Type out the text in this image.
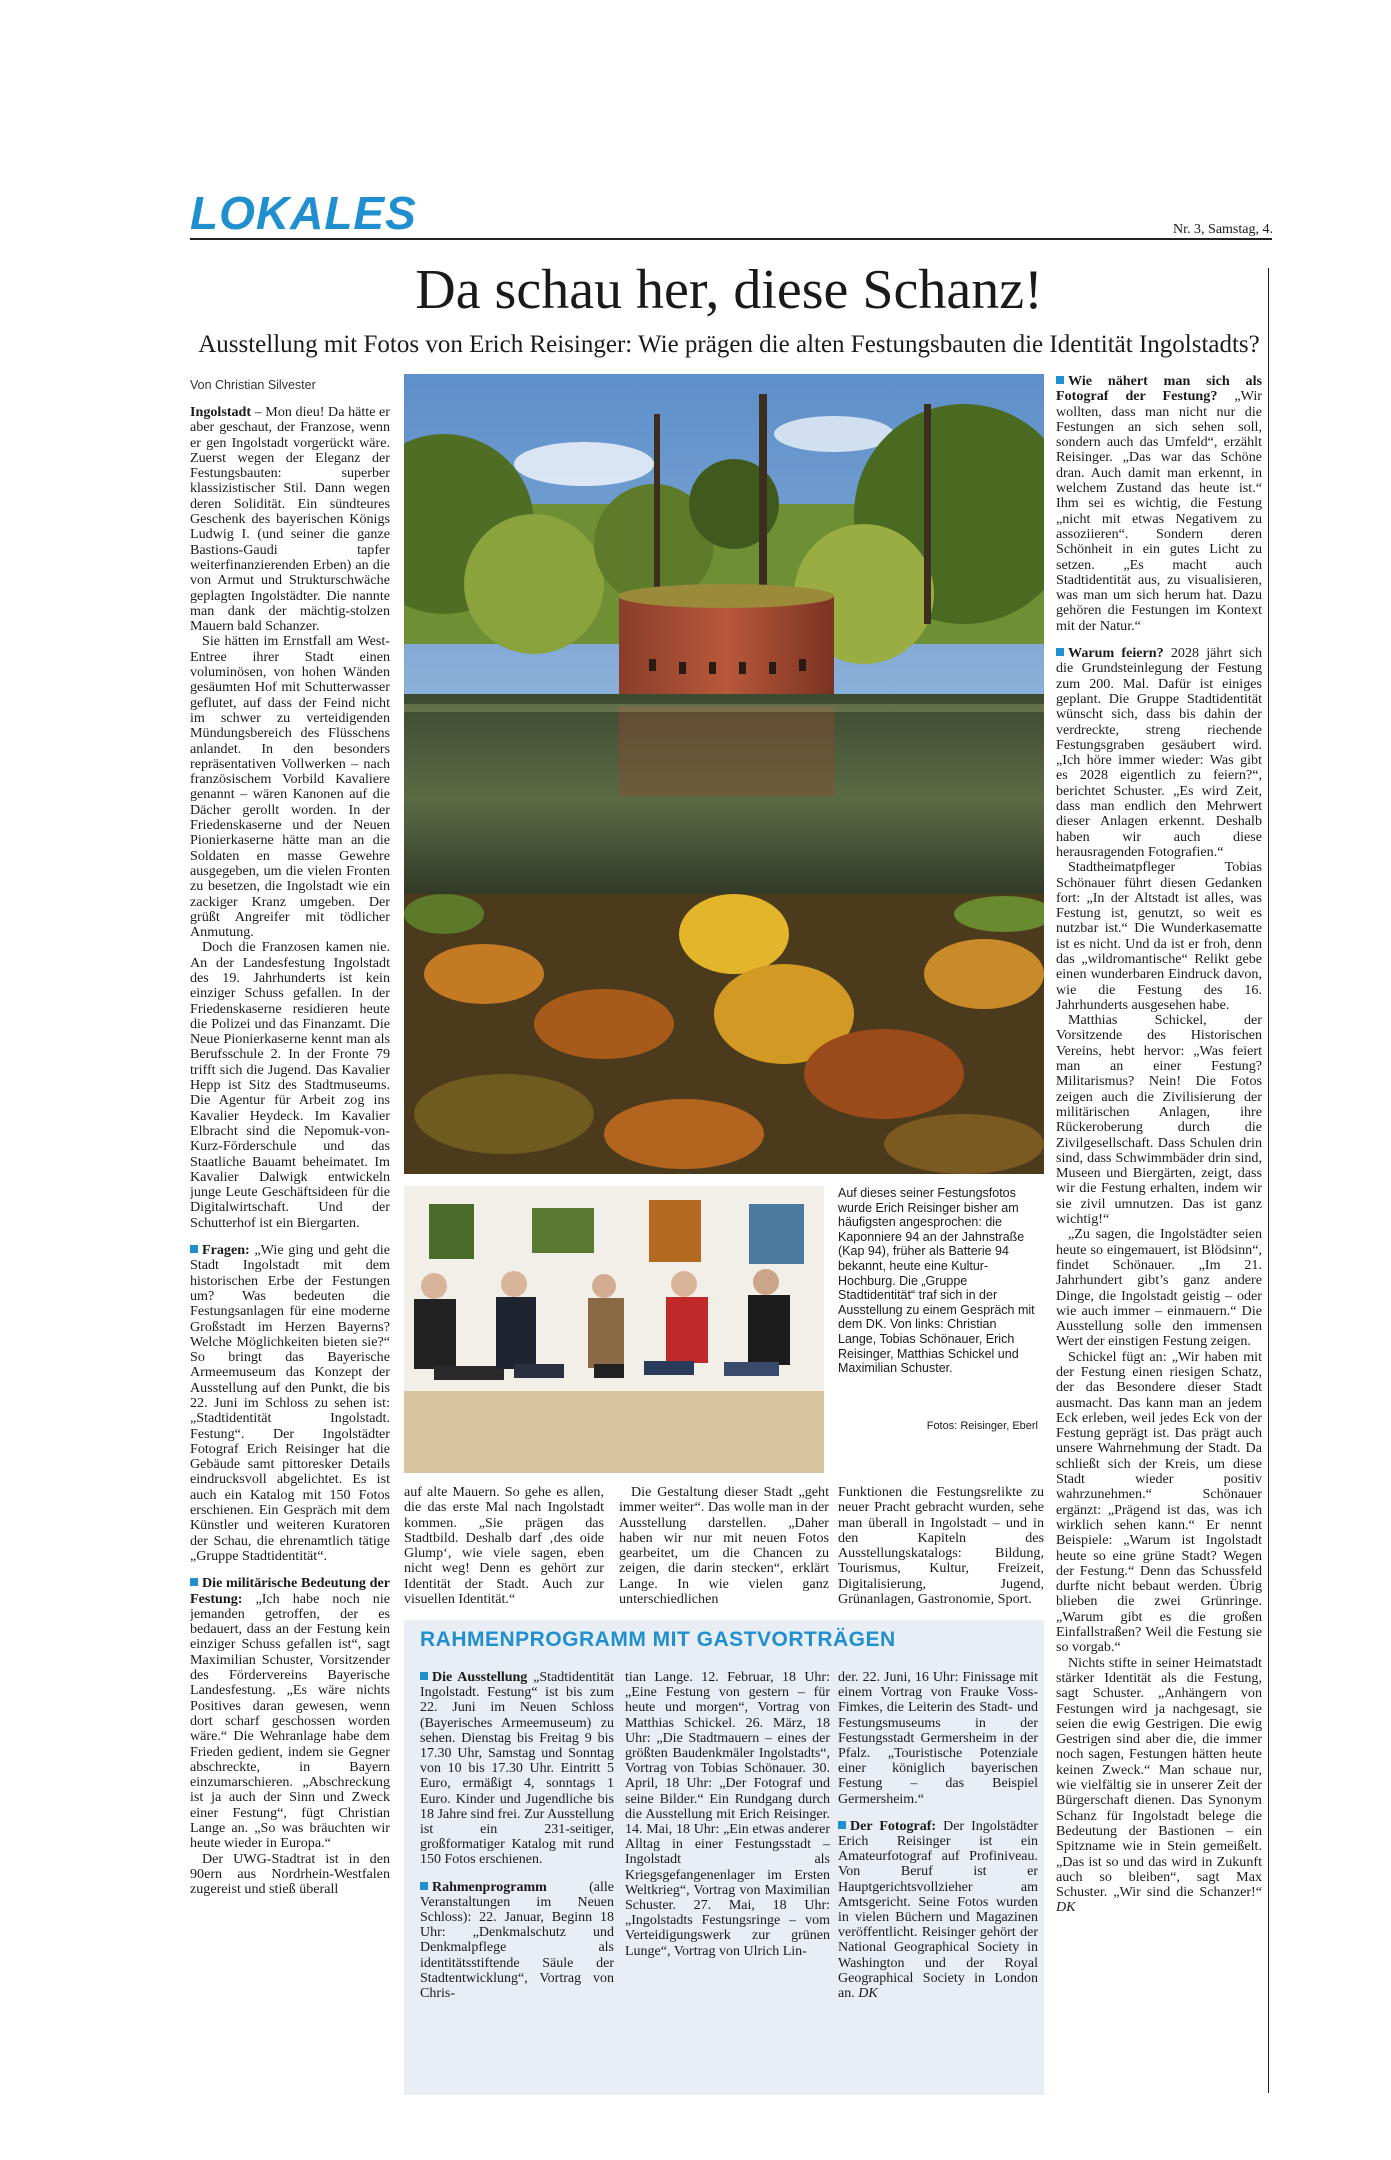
LOKALES	Nr. 3, Samstag, 4.
Da schau her, diese Schanz!
Ausstellung mit Fotos von Erich Reisinger: Wie prägen die alten Festungsbauten die Identität Ingolstadts?
Von Christian Silvester

Ingolstadt – Mon dieu! Da hätte er aber geschaut, der Franzose, wenn er gen Ingolstadt vorgerückt wäre. Zuerst wegen der Eleganz der Festungsbauten: superber klassizistischer Stil. Dann wegen deren Solidität. Ein sündteures Geschenk des bayerischen Königs Ludwig I. (und seiner die ganze Bastions-Gaudi tapfer weiterfinanzierenden Erben) an die von Armut und Strukturschwäche geplagten Ingolstädter. Die nannte man dank der mächtig-stolzen Mauern bald Schanzer.

Sie hätten im Ernstfall am West-Entree ihrer Stadt einen voluminösen, von hohen Wänden gesäumten Hof mit Schutterwasser geflutet, auf dass der Feind nicht im schwer zu verteidigenden Mündungsbereich des Flüsschens anlandet. In den besonders repräsentativen Vollwerken – nach französischem Vorbild Kavaliere genannt – wären Kanonen auf die Dächer gerollt worden. In der Friedenskaserne und der Neuen Pionierkaserne hätte man an die Soldaten en masse Gewehre ausgegeben, um die vielen Fronten zu besetzen, die Ingolstadt wie ein zackiger Kranz umgeben. Der grüßt Angreifer mit tödlicher Anmutung.

Doch die Franzosen kamen nie. An der Landesfestung Ingolstadt des 19. Jahrhunderts ist kein einziger Schuss gefallen. In der Friedenskaserne residieren heute die Polizei und das Finanzamt. Die Neue Pionierkaserne kennt man als Berufsschule 2. In der Fronte 79 trifft sich die Jugend. Das Kavalier Hepp ist Sitz des Stadtmuseums. Die Agentur für Arbeit zog ins Kavalier Heydeck. Im Kavalier Elbracht sind die Nepomuk-von-Kurz-Förderschule und das Staatliche Bauamt beheimatet. Im Kavalier Dalwigk entwickeln junge Leute Geschäftsideen für die Digitalwirtschaft. Und der Schutterhof ist ein Biergarten.

Fragen: „Wie ging und geht die Stadt Ingolstadt mit dem historischen Erbe der Festungen um? Was bedeuten die Festungsanlagen für eine moderne Großstadt im Herzen Bayerns? Welche Möglichkeiten bieten sie?“ So bringt das Bayerische Armeemuseum das Konzept der Ausstellung auf den Punkt, die bis 22. Juni im Schloss zu sehen ist: „Stadtidentität Ingolstadt. Festung“. Der Ingolstädter Fotograf Erich Reisinger hat die Gebäude samt pittoresker Details eindrucksvoll abgelichtet. Es ist auch ein Katalog mit 150 Fotos erschienen. Ein Gespräch mit dem Künstler und weiteren Kuratoren der Schau, die ehrenamtlich tätige „Gruppe Stadtidentität“.

Die militärische Bedeutung der Festung: „Ich habe noch nie jemanden getroffen, der es bedauert, dass an der Festung kein einziger Schuss gefallen ist“, sagt Maximilian Schuster, Vorsitzender des Fördervereins Bayerische Landesfestung. „Es wäre nichts Positives daran gewesen, wenn dort scharf geschossen worden wäre.“ Die Wehranlage habe dem Frieden gedient, indem sie Gegner abschreckte, in Bayern einzumarschieren. „Abschreckung ist ja auch der Sinn und Zweck einer Festung“, fügt Christian Lange an. „So was bräuchten wir heute wieder in Europa.“

Der UWG-Stadtrat ist in den 90ern aus Nordrhein-Westfalen zugereist und stieß überall

Auf dieses seiner Festungsfotos wurde Erich Reisinger bisher am häufigsten angesprochen: die Kaponniere 94 an der Jahnstraße (Kap 94), früher als Batterie 94 bekannt, heute eine Kultur-Hochburg. Die „Gruppe Stadtidentität“ traf sich in der Ausstellung zu einem Gespräch mit dem DK. Von links: Christian Lange, Tobias Schönauer, Erich Reisinger, Matthias Schickel und Maximilian Schuster.
Fotos: Reisinger, Eberl

auf alte Mauern. So gehe es allen, die das erste Mal nach Ingolstadt kommen. „Sie prägen das Stadtbild. Deshalb darf ‚des oide Glump‘, wie viele sagen, eben nicht weg! Denn es gehört zur Identität der Stadt. Auch zur visuellen Identität.“

Die Gestaltung dieser Stadt „geht immer weiter“. Das wolle man in der Ausstellung darstellen. „Daher haben wir nur mit neuen Fotos gearbeitet, um die Chancen zu zeigen, die darin stecken“, erklärt Lange. In wie vielen ganz unterschiedlichen

Funktionen die Festungsrelikte zu neuer Pracht gebracht wurden, sehe man überall in Ingolstadt – und in den Kapiteln des Ausstellungskatalogs: Bildung, Tourismus, Kultur, Freizeit, Digitalisierung, Jugend, Grünanlagen, Gastronomie, Sport.

Wie nähert man sich als Fotograf der Festung? „Wir wollten, dass man nicht nur die Festungen an sich sehen soll, sondern auch das Umfeld“, erzählt Reisinger. „Das war das Schöne dran. Auch damit man erkennt, in welchem Zustand das heute ist.“ Ihm sei es wichtig, die Festung „nicht mit etwas Negativem zu assoziieren“. Sondern deren Schönheit in ein gutes Licht zu setzen. „Es macht auch Stadtidentität aus, zu visualisieren, was man um sich herum hat. Dazu gehören die Festungen im Kontext mit der Natur.“

Warum feiern? 2028 jährt sich die Grundsteinlegung der Festung zum 200. Mal. Dafür ist einiges geplant. Die Gruppe Stadtidentität wünscht sich, dass bis dahin der verdreckte, streng riechende Festungsgraben gesäubert wird. „Ich höre immer wieder: Was gibt es 2028 eigentlich zu feiern?“, berichtet Schuster. „Es wird Zeit, dass man endlich den Mehrwert dieser Anlagen erkennt. Deshalb haben wir auch diese herausragenden Fotografien.“

Stadtheimatpfleger Tobias Schönauer führt diesen Gedanken fort: „In der Altstadt ist alles, was Festung ist, genutzt, so weit es nutzbar ist.“ Die Wunderkasematte ist es nicht. Und da ist er froh, denn das „wildromantische“ Relikt gebe einen wunderbaren Eindruck davon, wie die Festung des 16. Jahrhunderts ausgesehen habe.

Matthias Schickel, der Vorsitzende des Historischen Vereins, hebt hervor: „Was feiert man an einer Festung? Militarismus? Nein! Die Fotos zeigen auch die Zivilisierung der militärischen Anlagen, ihre Rückeroberung durch die Zivilgesellschaft. Dass Schulen drin sind, dass Schwimmbäder drin sind, Museen und Biergärten, zeigt, dass wir die Festung erhalten, indem wir sie zivil umnutzen. Das ist ganz wichtig!“

„Zu sagen, die Ingolstädter seien heute so eingemauert, ist Blödsinn“, findet Schönauer. „Im 21. Jahrhundert gibt’s ganz andere Dinge, die Ingolstadt geistig – oder wie auch immer – einmauern.“ Die Ausstellung solle den immensen Wert der einstigen Festung zeigen.

Schickel fügt an: „Wir haben mit der Festung einen riesigen Schatz, der das Besondere dieser Stadt ausmacht. Das kann man an jedem Eck erleben, weil jedes Eck von der Festung geprägt ist. Das prägt auch unsere Wahrnehmung der Stadt. Da schließt sich der Kreis, um diese Stadt wieder positiv wahrzunehmen.“ Schönauer ergänzt: „Prägend ist das, was ich wirklich sehen kann.“ Er nennt Beispiele: „Warum ist Ingolstadt heute so eine grüne Stadt? Wegen der Festung.“ Denn das Schussfeld durfte nicht bebaut werden. Übrig blieben die zwei Grünringe. „Warum gibt es die großen Einfallstraßen? Weil die Festung sie so vorgab.“

Nichts stifte in seiner Heimatstadt stärker Identität als die Festung, sagt Schuster. „Anhängern von Festungen wird ja nachgesagt, sie seien die ewig Gestrigen. Die ewig Gestrigen sind aber die, die immer noch sagen, Festungen hätten heute keinen Zweck.“ Man schaue nur, wie vielfältig sie in unserer Zeit der Bürgerschaft dienen. Das Synonym Schanz für Ingolstadt belege die Bedeutung der Bastionen – ein Spitzname wie in Stein gemeißelt. „Das ist so und das wird in Zukunft auch so bleiben“, sagt Max Schuster. „Wir sind die Schanzer!“ DK

RAHMENPROGRAMM MIT GASTVORTRÄGEN

Die Ausstellung „Stadtidentität Ingolstadt. Festung“ ist bis zum 22. Juni im Neuen Schloss (Bayerisches Armeemuseum) zu sehen. Dienstag bis Freitag 9 bis 17.30 Uhr, Samstag und Sonntag von 10 bis 17.30 Uhr. Eintritt 5 Euro, ermäßigt 4, sonntags 1 Euro. Kinder und Jugendliche bis 18 Jahre sind frei. Zur Ausstellung ist ein 231-seitiger, großformatiger Katalog mit rund 150 Fotos erschienen.

Rahmenprogramm (alle Veranstaltungen im Neuen Schloss): 22. Januar, Beginn 18 Uhr: „Denkmalschutz und Denkmalpflege als identitätsstiftende Säule der Stadtentwicklung“, Vortrag von Chris-

tian Lange. 12. Februar, 18 Uhr: „Eine Festung von gestern – für heute und morgen“, Vortrag von Matthias Schickel. 26. März, 18 Uhr: „Die Stadtmauern – eines der größten Baudenkmäler Ingolstadts“, Vortrag von Tobias Schönauer. 30. April, 18 Uhr: „Der Fotograf und seine Bilder.“ Ein Rundgang durch die Ausstellung mit Erich Reisinger. 14. Mai, 18 Uhr: „Ein etwas anderer Alltag in einer Festungsstadt – Ingolstadt als Kriegsgefangenenlager im Ersten Weltkrieg“, Vortrag von Maximilian Schuster. 27. Mai, 18 Uhr: „Ingolstadts Festungsringe – vom Verteidigungswerk zur grünen Lunge“, Vortrag von Ulrich Lin-

der. 22. Juni, 16 Uhr: Finissage mit einem Vortrag von Frauke Voss-Fimkes, die Leiterin des Stadt- und Festungsmuseums in der Festungsstadt Germersheim in der Pfalz. „Touristische Potenziale einer königlich bayerischen Festung – das Beispiel Germersheim.“

Der Fotograf: Der Ingolstädter Erich Reisinger ist ein Amateurfotograf auf Profiniveau. Von Beruf ist er Hauptgerichtsvollzieher am Amtsgericht. Seine Fotos wurden in vielen Büchern und Magazinen veröffentlicht. Reisinger gehört der National Geographical Society in Washington und der Royal Geographical Society in London an. DK
